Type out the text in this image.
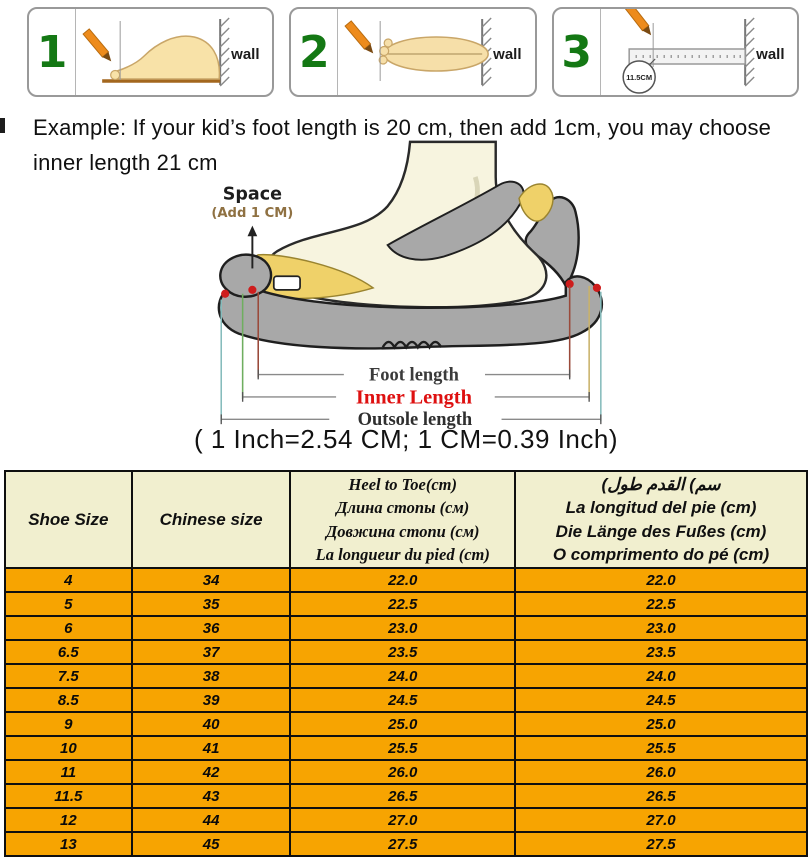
1	wall 2	wall 3	wall
11.5CM
Example: If your kid’s foot length is 20 cm, then add 1cm, you may choose
inner length 21 cm
Space
(Add 1 CM)
Foot length
Inner Length
Outsole length
( 1 Inch=2.54 CM; 1 CM=0.39 Inch)
Shoe Size	Chinese size	
Heel to Toe(cm)
Длина стопы (см)
Довжина стопи (см)
La longueur du pied (cm)

(طول القدم (سم
La longitud del pie (cm)
Die Länge des Fußes (cm)
O comprimento do pé (cm)

4	34	22.0	22.0
5	35	22.5	22.5
6	36	23.0	23.0
6.5	37	23.5	23.5
7.5	38	24.0	24.0
8.5	39	24.5	24.5
9	40	25.0	25.0
10	41	25.5	25.5
11	42	26.0	26.0
11.5	43	26.5	26.5
12	44	27.0	27.0
13	45	27.5	27.5
